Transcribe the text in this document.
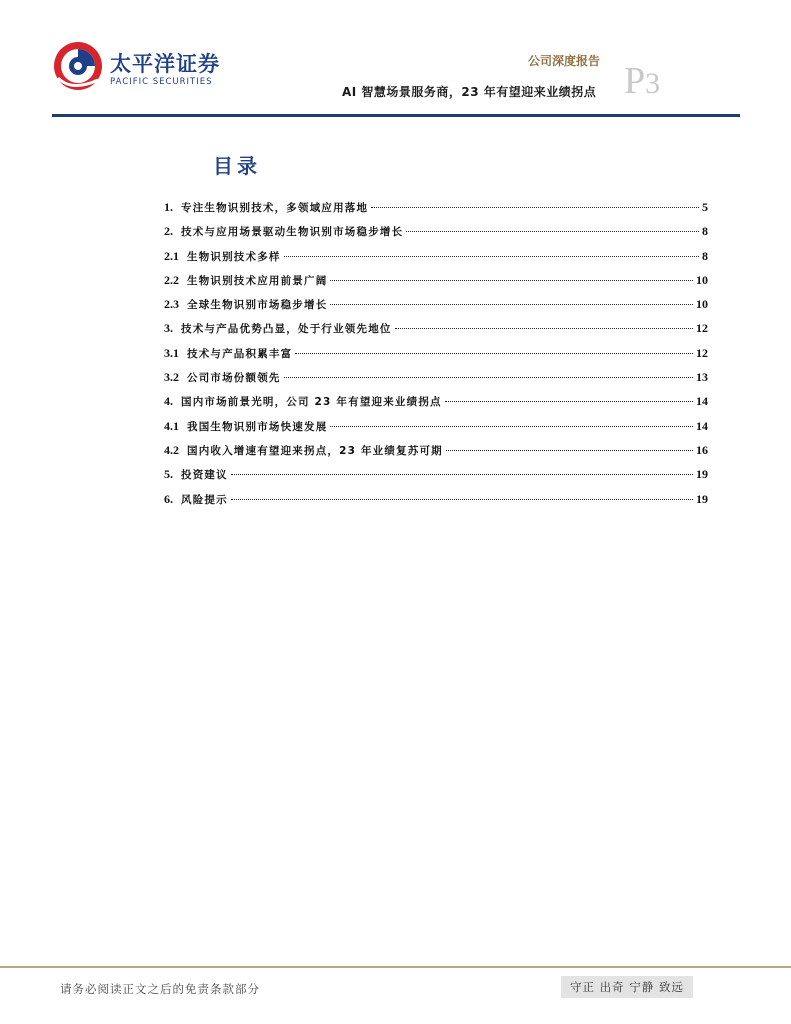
太平洋证券
PACIFIC SECURITIES
公司深度报告
AI 智慧场景服务商，23 年有望迎来业绩拐点 P3
目录
1. 专注生物识别技术，多领域应用落地	5
2. 技术与应用场景驱动生物识别市场稳步增长	8
2.1 生物识别技术多样	8
2.2 生物识别技术应用前景广阔	10
2.3 全球生物识别市场稳步增长	10
3. 技术与产品优势凸显，处于行业领先地位	12
3.1 技术与产品积累丰富	12
3.2 公司市场份额领先	13
4. 国内市场前景光明，公司 23 年有望迎来业绩拐点	14
4.1 我国生物识别市场快速发展	14
4.2 国内收入增速有望迎来拐点，23 年业绩复苏可期	16
5. 投资建议	19
6. 风险提示	19
请务必阅读正文之后的免责条款部分	守正 出奇 宁静 致远
